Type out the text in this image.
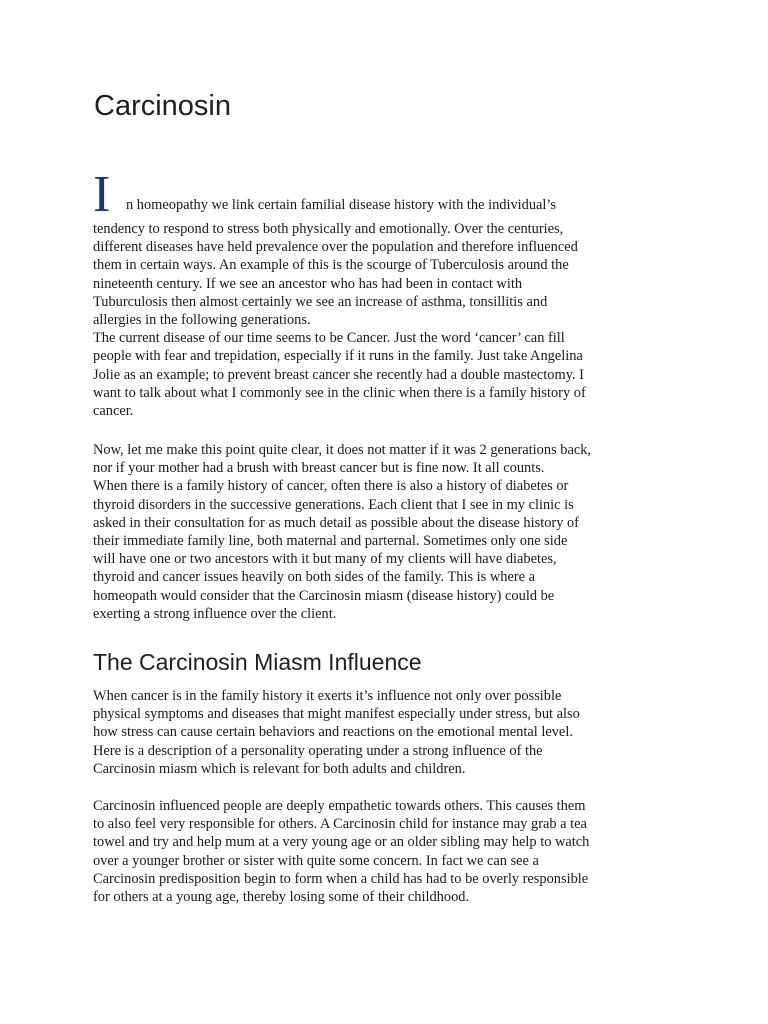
Carcinosin
I n homeopathy we link certain familial disease history with the individual’s

tendency to respond to stress both physically and emotionally. Over the centuries,
different diseases have held prevalence over the population and therefore influenced
them in certain ways. An example of this is the scourge of Tuberculosis around the
nineteenth century. If we see an ancestor who has had been in contact with
Tuburculosis then almost certainly we see an increase of asthma, tonsillitis and
allergies in the following generations.
The current disease of our time seems to be Cancer. Just the word ‘cancer’ can fill
people with fear and trepidation, especially if it runs in the family. Just take Angelina
Jolie as an example; to prevent breast cancer she recently had a double mastectomy. I
want to talk about what I commonly see in the clinic when there is a family history of
cancer.

Now, let me make this point quite clear, it does not matter if it was 2 generations back,
nor if your mother had a brush with breast cancer but is fine now. It all counts.
When there is a family history of cancer, often there is also a history of diabetes or
thyroid disorders in the successive generations. Each client that I see in my clinic is
asked in their consultation for as much detail as possible about the disease history of
their immediate family line, both maternal and parternal. Sometimes only one side
will have one or two ancestors with it but many of my clients will have diabetes,
thyroid and cancer issues heavily on both sides of the family. This is where a
homeopath would consider that the Carcinosin miasm (disease history) could be
exerting a strong influence over the client.

The Carcinosin Miasm Influence

When cancer is in the family history it exerts it’s influence not only over possible
physical symptoms and diseases that might manifest especially under stress, but also
how stress can cause certain behaviors and reactions on the emotional mental level.
Here is a description of a personality operating under a strong influence of the
Carcinosin miasm which is relevant for both adults and children.

Carcinosin influenced people are deeply empathetic towards others. This causes them
to also feel very responsible for others. A Carcinosin child for instance may grab a tea
towel and try and help mum at a very young age or an older sibling may help to watch
over a younger brother or sister with quite some concern. In fact we can see a
Carcinosin predisposition begin to form when a child has had to be overly responsible
for others at a young age, thereby losing some of their childhood.
